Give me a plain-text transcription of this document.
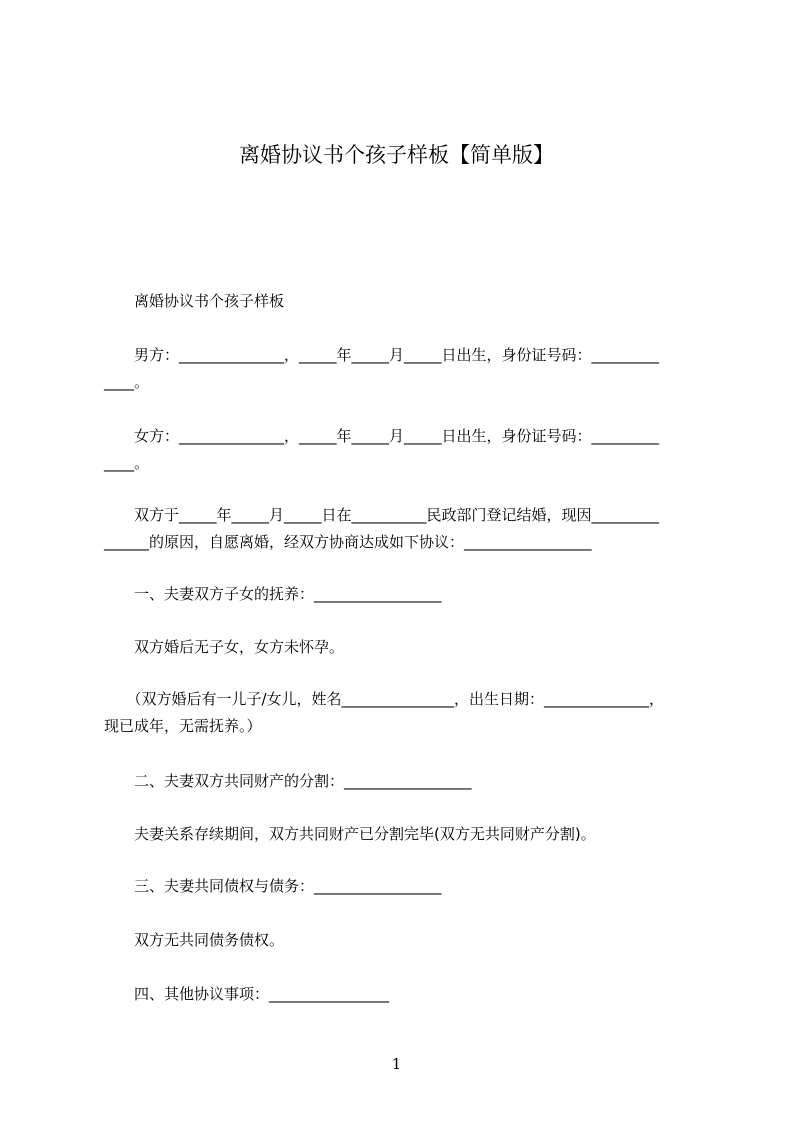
离婚协议书个孩子样板【简单版】
　　离婚协议书个孩子样板
　　男方：______________，_____年_____月_____日出生，身份证号码：_________
____。
　　女方：______________，_____年_____月_____日出生，身份证号码：_________
____。
　　双方于_____年_____月_____日在__________民政部门登记结婚，现因_________
______的原因，自愿离婚，经双方协商达成如下协议：_________________
　　一、夫妻双方子女的抚养：_________________
　　双方婚后无子女，女方未怀孕。
　　（双方婚后有一儿子/女儿，姓名_______________，出生日期：______________，
现已成年，无需抚养。）
　　二、夫妻双方共同财产的分割：_________________
　　夫妻关系存续期间，双方共同财产已分割完毕(双方无共同财产分割)。
　　三、夫妻共同债权与债务：_________________
　　双方无共同债务债权。
　　四、其他协议事项：________________
1
